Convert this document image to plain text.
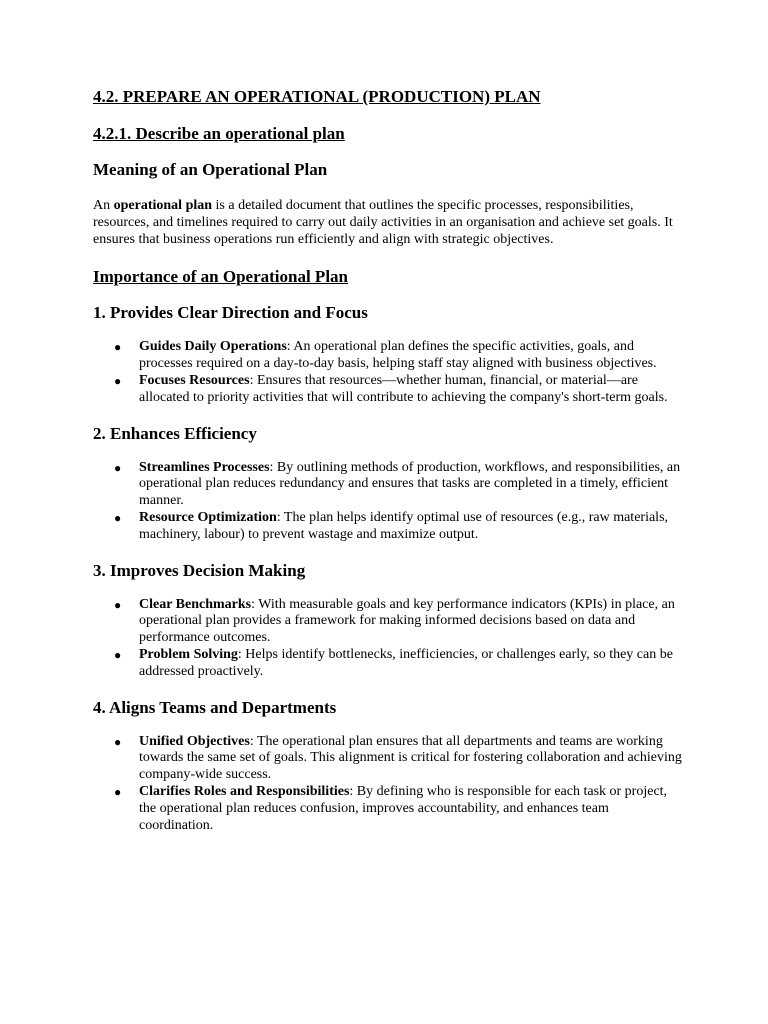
4.2. PREPARE AN OPERATIONAL (PRODUCTION) PLAN
4.2.1. Describe an operational plan
Meaning of an Operational Plan

An operational plan is a detailed document that outlines the specific processes, responsibilities, resources, and timelines required to carry out daily activities in an organisation and achieve set goals. It ensures that business operations run efficiently and align with strategic objectives.

Importance of an Operational Plan
1. Provides Clear Direction and Focus
● Guides Daily Operations: An operational plan defines the specific activities, goals, and processes required on a day-to-day basis, helping staff stay aligned with business objectives.
● Focuses Resources: Ensures that resources—whether human, financial, or material—are allocated to priority activities that will contribute to achieving the company's short-term goals.
2. Enhances Efficiency
● Streamlines Processes: By outlining methods of production, workflows, and responsibilities, an operational plan reduces redundancy and ensures that tasks are completed in a timely, efficient manner.
● Resource Optimization: The plan helps identify optimal use of resources (e.g., raw materials, machinery, labour) to prevent wastage and maximize output.
3. Improves Decision Making
● Clear Benchmarks: With measurable goals and key performance indicators (KPIs) in place, an operational plan provides a framework for making informed decisions based on data and performance outcomes.
● Problem Solving: Helps identify bottlenecks, inefficiencies, or challenges early, so they can be addressed proactively.
4. Aligns Teams and Departments
● Unified Objectives: The operational plan ensures that all departments and teams are working towards the same set of goals. This alignment is critical for fostering collaboration and achieving company-wide success.
● Clarifies Roles and Responsibilities: By defining who is responsible for each task or project, the operational plan reduces confusion, improves accountability, and enhances team coordination.
